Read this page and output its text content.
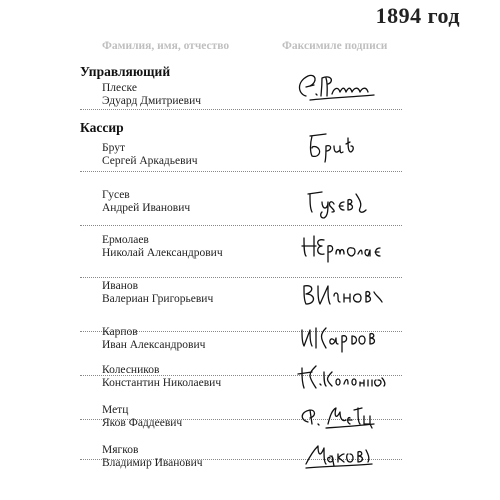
1894 год
Фамилия, имя, отчество	Факсимиле подписи
Управляющий
Плеске
Эдуард Дмитриевич
Кассир
Брут
Сергей Аркадьевич
Гусев
Андрей Иванович
Ермолаев
Николай Александрович
Иванов
Валериан Григорьевич
Карпов
Иван Александрович
Колесников
Константин Николаевич
Метц
Яков Фаддеевич
Мягков
Владимир Иванович
